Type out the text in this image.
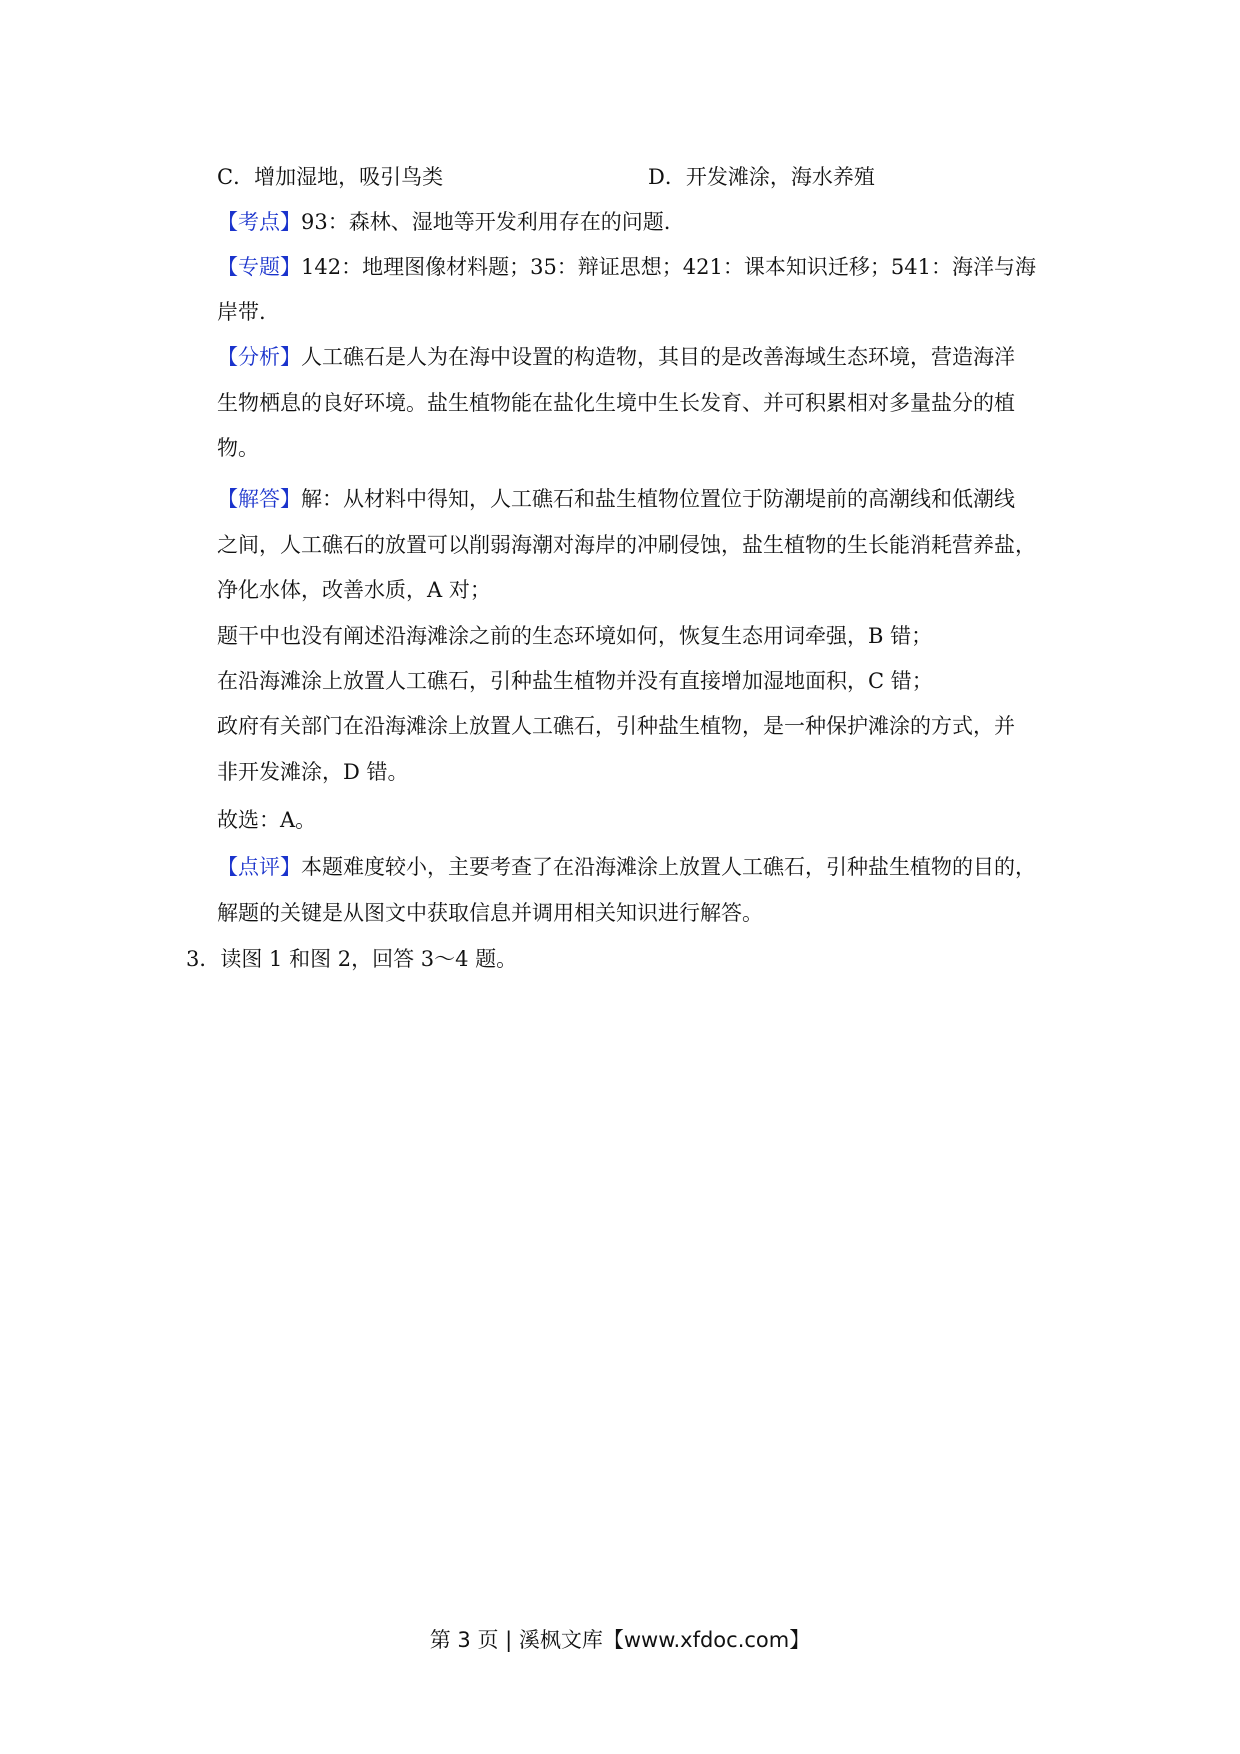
C．增加湿地，吸引鸟类	D．开发滩涂，海水养殖
【考点】93：森林、湿地等开发利用存在的问题.
【专题】142：地理图像材料题；35：辩证思想；421：课本知识迁移；541：海洋与海
岸带.
【分析】人工礁石是人为在海中设置的构造物，其目的是改善海域生态环境，营造海洋
生物栖息的良好环境。盐生植物能在盐化生境中生长发育、并可积累相对多量盐分的植
物。
【解答】解：从材料中得知，人工礁石和盐生植物位置位于防潮堤前的高潮线和低潮线
之间，人工礁石的放置可以削弱海潮对海岸的冲刷侵蚀，盐生植物的生长能消耗营养盐，
净化水体，改善水质，A 对；
题干中也没有阐述沿海滩涂之前的生态环境如何，恢复生态用词牵强，B 错；
在沿海滩涂上放置人工礁石，引种盐生植物并没有直接增加湿地面积，C 错；
政府有关部门在沿海滩涂上放置人工礁石，引种盐生植物，是一种保护滩涂的方式，并
非开发滩涂，D 错。
故选：A。
【点评】本题难度较小，主要考查了在沿海滩涂上放置人工礁石，引种盐生植物的目的，
解题的关键是从图文中获取信息并调用相关知识进行解答。
3．读图 1 和图 2，回答 3～4 题。
第 3 页 | 溪枫文库【www.xfdoc.com】
